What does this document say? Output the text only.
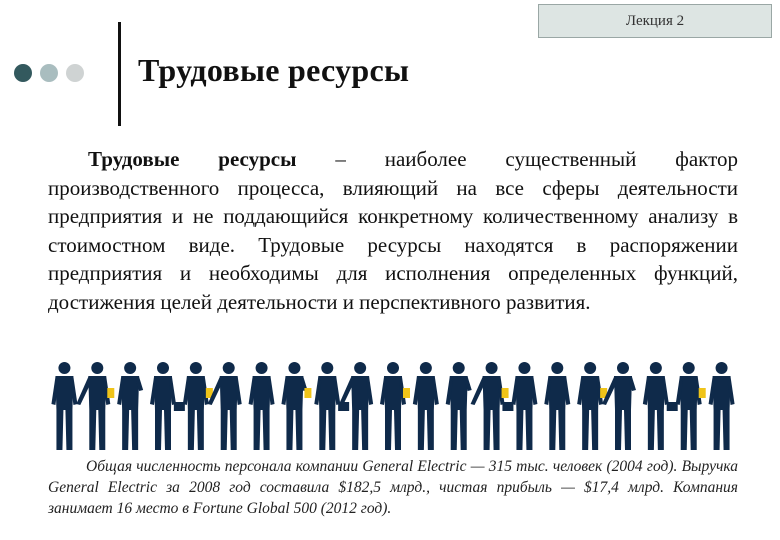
Лекция 2
Трудовые ресурсы

Трудовые ресурсы – наиболее существенный фактор производственного процесса, влияющий на все сферы деятельности предприятия и не поддающийся конкретному количественному анализу в стоимостном виде. Трудовые ресурсы находятся в распоряжении предприятия и необходимы для исполнения определенных функций, достижения целей деятельности и перспективного развития.

Общая численность персонала компании General Electric — 315 тыс. человек (2004 год). Выручка General Electric за 2008 год составила $182,5 млрд., чистая прибыль — $17,4 млрд. Компания занимает 16 место в Fortune Global 500 (2012 год).
